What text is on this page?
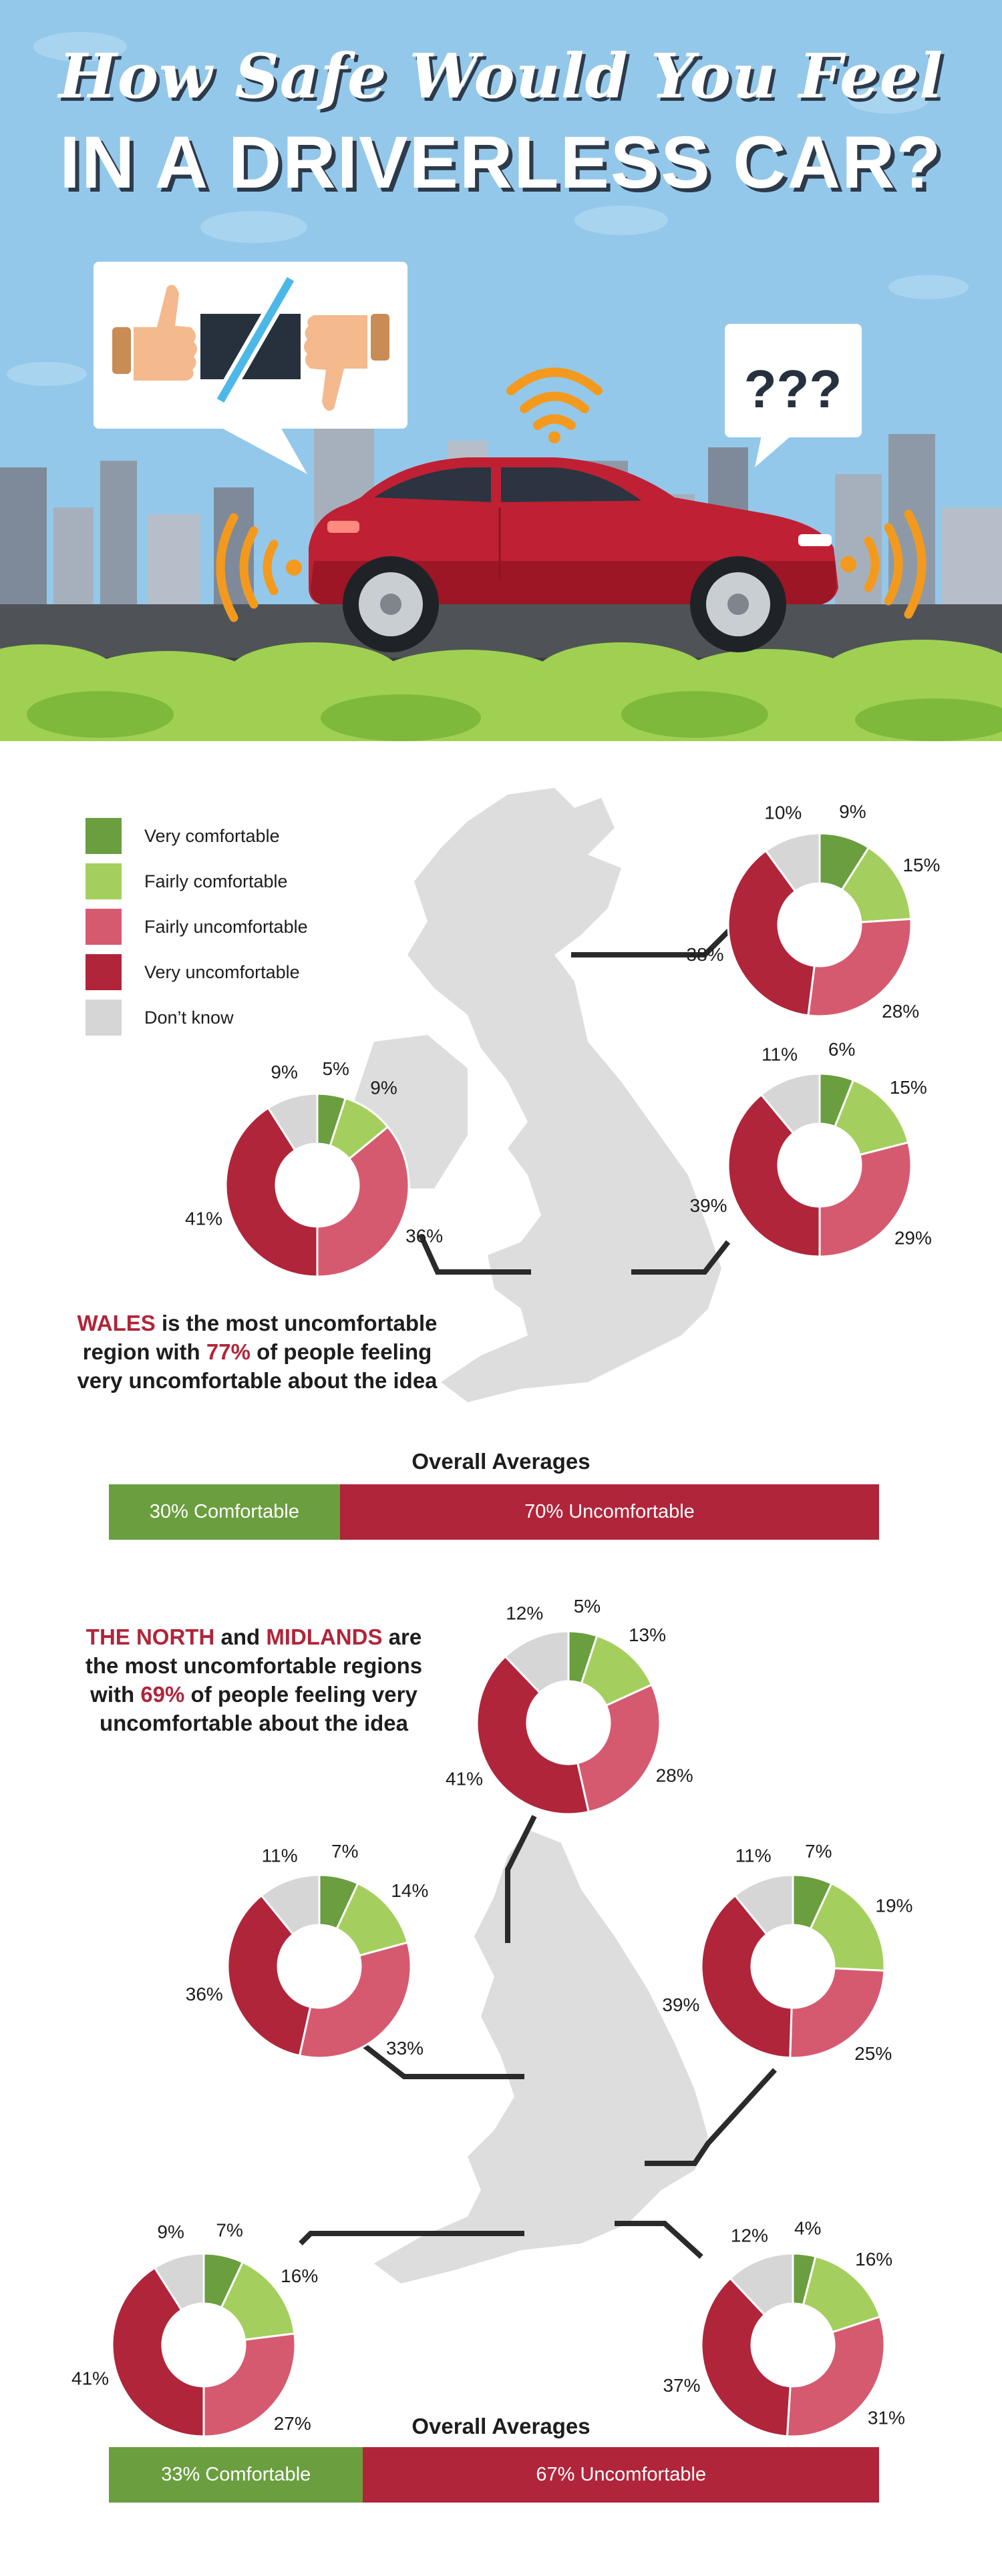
???
How Safe Would You Feel
IN A DRIVERLESS CAR?
Very comfortable
Fairly comfortable
Fairly uncomfortable
Very uncomfortable
Don’t know
WALES is the most uncomfortable region with 77% of people feeling very uncomfortable about the idea
Overall Averages
30% Comfortable	70% Uncomfortable
THE NORTH and MIDLANDS are the most uncomfortable regions with 69% of people feeling very uncomfortable about the idea
Overall Averages
33% Comfortable	67% Uncomfortable
9%
15%
28%
38%
10%
5%
9%
36%
41%
9%
6%
15%
29%
39%
11%
5%
13%
28%
41%
12%
7%
14%
33%
36%
11%	7%
19%
25%
39%
11%
7%
16%
27%
41%
9%	4%
16%
31%
37%
12%
